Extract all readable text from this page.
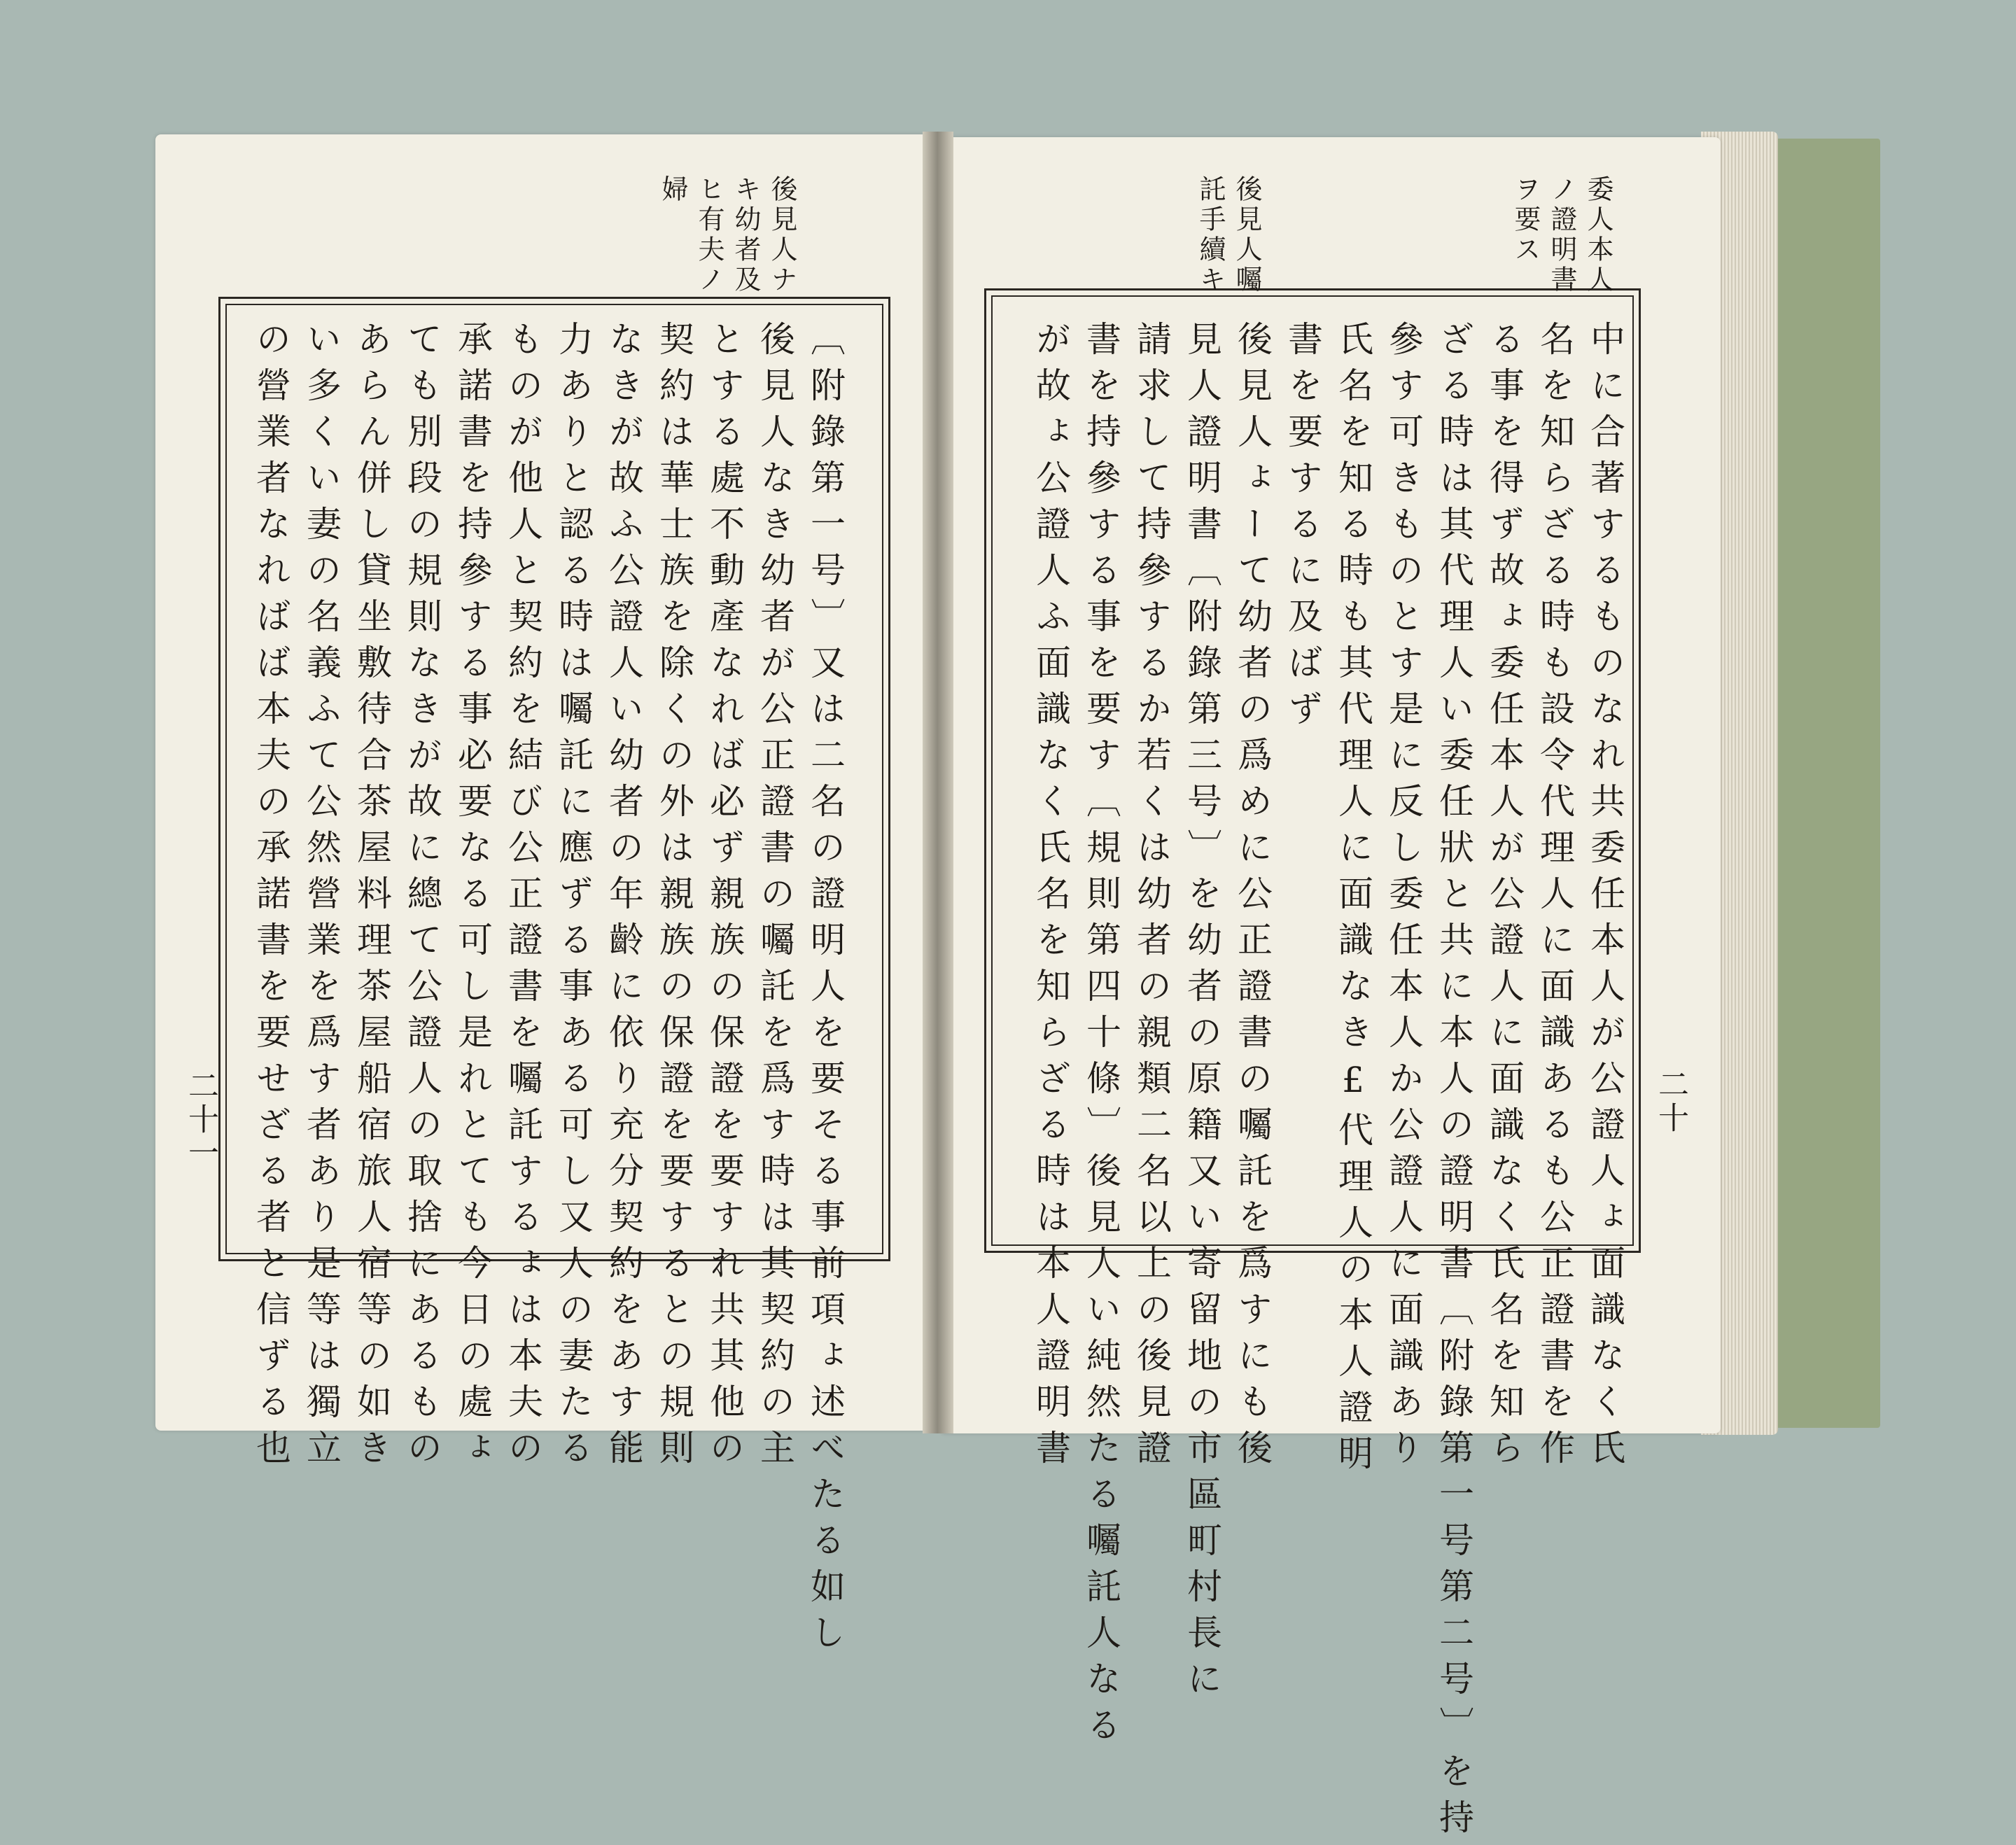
委人本人
ノ證明書
ヲ要ス
後見人囑
託手續キ
中に合著するものなれ共委任本人が公證人ょ面識なく氏
名を知らざる時も設令代理人に面識あるも公正證書を作
る事を得ず故ょ委任本人が公證人に面識なく氏名を知ら
ざる時は其代理人い委任狀と共に本人の證明書〔附錄第一号第二号〕を持
參す可きものとす是に反し委任本人か公證人に面識あり
氏名を知る時も其代理人に面識なき£代理人の本人證明
書を要するに及ばず
後見人ょーて幼者の爲めに公正證書の囑託を爲すにも後
見人證明書〔附錄第三号〕を幼者の原籍又い寄留地の市區町村長に
請求して持參するか若くは幼者の親類二名以上の後見證
書を持參する事を要す〔規則第四十條〕後見人い純然たる囑託人なる
が故ょ公證人ふ面識なく氏名を知らざる時は本人證明書	二十
後見人ナ
キ幼者及
ヒ有夫ノ
婦
〔附錄第一号〕又は二名の證明人を要そる事前項ょ述べたる如し
後見人なき幼者が公正證書の囑託を爲す時は其契約の主
とする處不動產なれば必ず親族の保證を要すれ共其他の
契約は華士族を除くの外は親族の保證を要するとの規則
なきが故ふ公證人い幼者の年齡に依り充分契約をあす能
力ありと認る時は囑託に應ずる事ある可し又人の妻たる
ものが他人と契約を結び公正證書を囑託するょは本夫の
承諾書を持參する事必要なる可し是れとても今日の處ょ
ても別段の規則なきが故に總て公證人の取捨にあるもの
あらん併し貸坐敷待合茶屋料理茶屋船宿旅人宿等の如き
い多くい妻の名義ふて公然營業を爲す者あり是等は獨立
の營業者なればば本夫の承諾書を要せざる者と信ずる也
二十一
